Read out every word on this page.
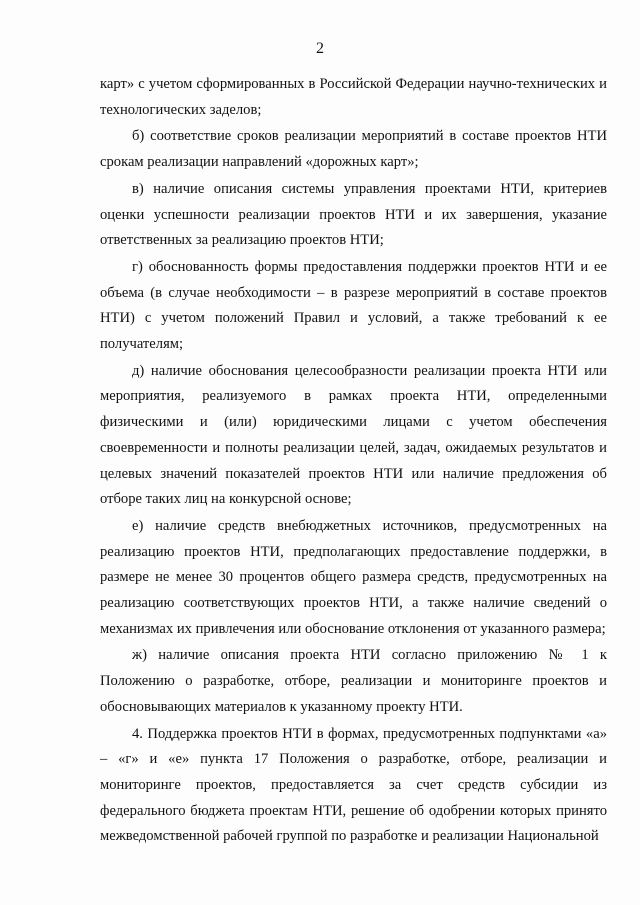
2

карт» с учетом сформированных в Российской Федерации научно-технических и технологических заделов;

б) соответствие сроков реализации мероприятий в составе проектов НТИ срокам реализации направлений «дорожных карт»;

в) наличие описания системы управления проектами НТИ, критериев оценки успешности реализации проектов НТИ и их завершения, указание ответственных за реализацию проектов НТИ;

г) обоснованность формы предоставления поддержки проектов НТИ и ее объема (в случае необходимости – в разрезе мероприятий в составе проектов НТИ) с учетом положений Правил и условий, а также требований к ее получателям;

д) наличие обоснования целесообразности реализации проекта НТИ или мероприятия, реализуемого в рамках проекта НТИ, определенными физическими и (или) юридическими лицами с учетом обеспечения своевременности и полноты реализации целей, задач, ожидаемых результатов и целевых значений показателей проектов НТИ или наличие предложения об отборе таких лиц на конкурсной основе;

е) наличие средств внебюджетных источников, предусмотренных на реализацию проектов НТИ, предполагающих предоставление поддержки, в размере не менее 30 процентов общего размера средств, предусмотренных на реализацию соответствующих проектов НТИ, а также наличие сведений о механизмах их привлечения или обоснование отклонения от указанного размера;

ж) наличие описания проекта НТИ согласно приложению № 1 к Положению о разработке, отборе, реализации и мониторинге проектов и обосновывающих материалов к указанному проекту НТИ.

4. Поддержка проектов НТИ в формах, предусмотренных подпунктами «а» – «г» и «е» пункта 17 Положения о разработке, отборе, реализации и мониторинге проектов, предоставляется за счет средств субсидии из федерального бюджета проектам НТИ, решение об одобрении которых принято межведомственной рабочей группой по разработке и реализации Национальной
